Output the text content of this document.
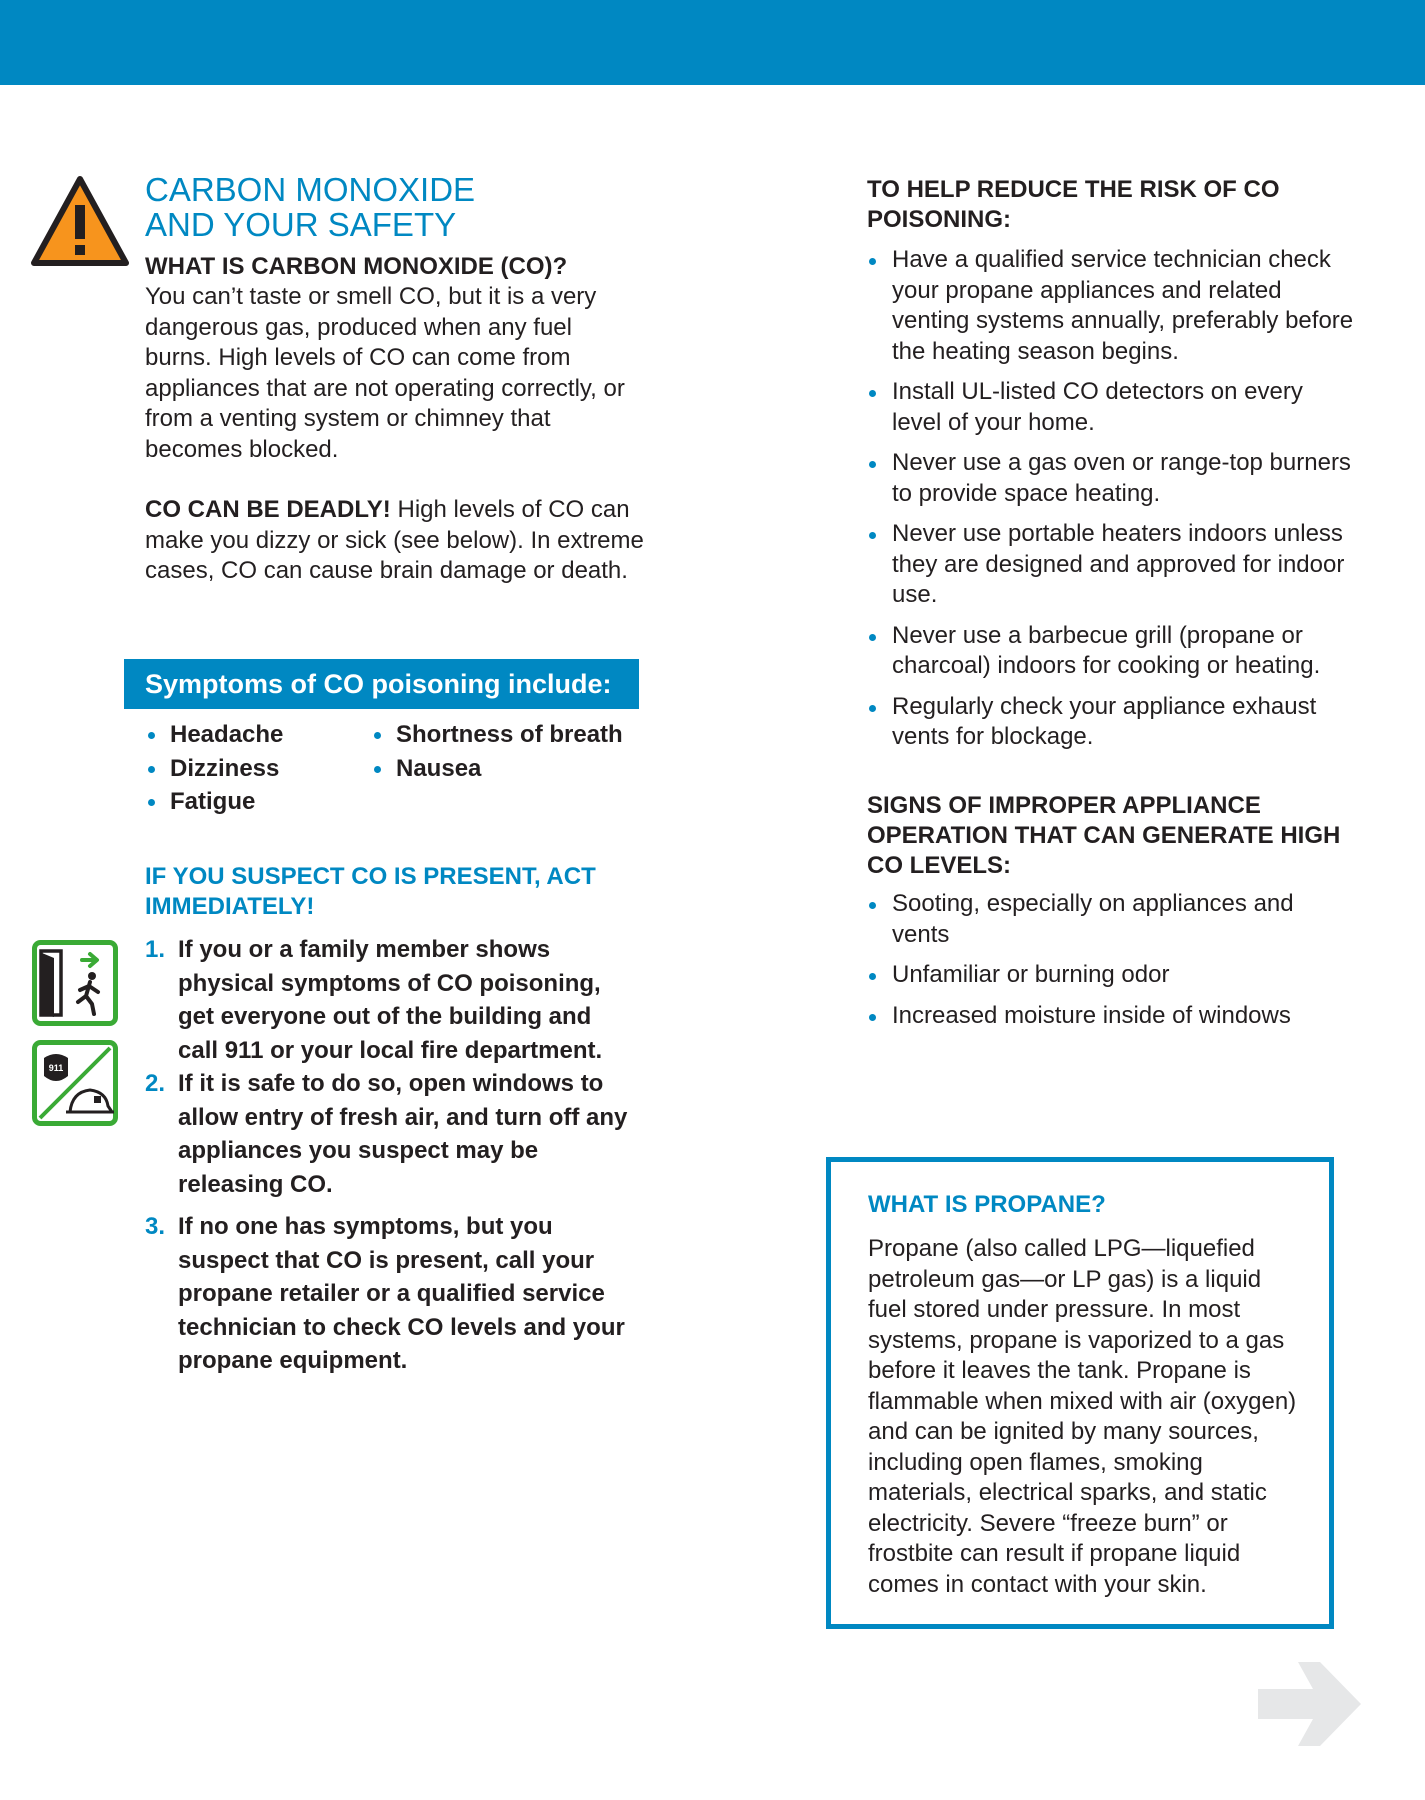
CARBON MONOXIDE
AND YOUR SAFETY
WHAT IS CARBON MONOXIDE (CO)?

You can’t taste or smell CO, but it is a very dangerous gas, produced when any fuel burns. High levels of CO can come from appliances that are not operating correctly, or from a venting system or chimney that becomes blocked.

CO CAN BE DEADLY! High levels of CO can make you dizzy or sick (see below). In extreme cases, CO can cause brain damage or death.

Symptoms of CO poisoning include:
Headache
Dizziness
Fatigue
Shortness of breath
Nausea
IF YOU SUSPECT CO IS PRESENT, ACT IMMEDIATELY!
911
1. If you or a family member shows physical symptoms of CO poisoning, get everyone out of the building and call 911 or your local fire department.
2. If it is safe to do so, open windows to allow entry of fresh air, and turn off any appliances you suspect may be releasing CO.
3. If no one has symptoms, but you suspect that CO is present, call your propane retailer or a qualified service technician to check CO levels and your propane equipment.
TO HELP REDUCE THE RISK OF CO POISONING:
Have a qualified service technician check your propane appliances and related venting systems annually, preferably before the heating season begins.
Install UL-listed CO detectors on every level of your home.
Never use a gas oven or range-top burners to provide space heating.
Never use portable heaters indoors unless they are designed and approved for indoor use.
Never use a barbecue grill (propane or charcoal) indoors for cooking or heating.
Regularly check your appliance exhaust vents for blockage.
SIGNS OF IMPROPER APPLIANCE OPERATION THAT CAN GENERATE HIGH CO LEVELS:
Sooting, especially on appliances and vents
Unfamiliar or burning odor
Increased moisture inside of windows
WHAT IS PROPANE?

Propane (also called LPG—liquefied petroleum gas—or LP gas) is a liquid fuel stored under pressure. In most systems, propane is vaporized to a gas before it leaves the tank. Propane is flammable when mixed with air (oxygen) and can be ignited by many sources, including open flames, smoking materials, electrical sparks, and static electricity. Severe “freeze burn” or frostbite can result if propane liquid comes in contact with your skin.
